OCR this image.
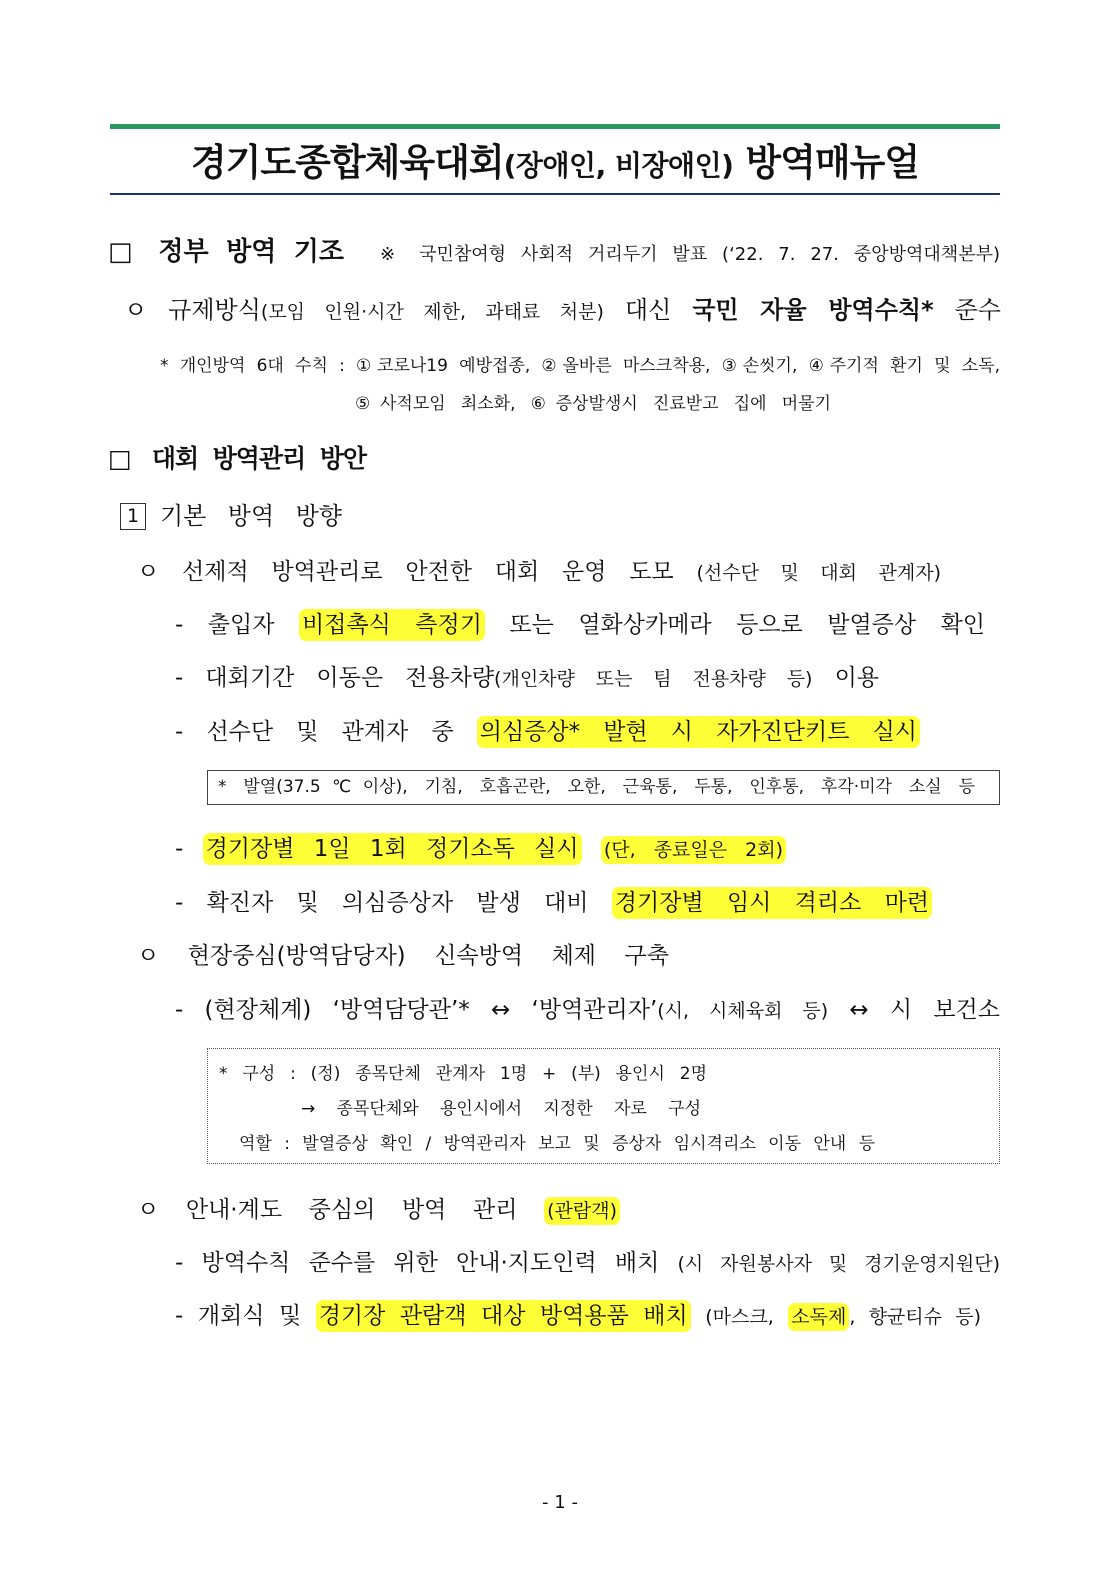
경기도종합체육대회(장애인, 비장애인) 방역매뉴얼
□ 정부 방역 기조 ※ 국민참여형 사회적 거리두기 발표 (‘22. 7. 27. 중앙방역대책본부)
ㅇ 규제방식(모임 인원·시간 제한, 과태료 처분) 대신 국민 자율 방역수칙* 준수
* 개인방역 6대 수칙 : ①코로나19 예방접종, ②올바른 마스크착용, ③손씻기, ④주기적 환기 및 소독,
⑤사적모임 최소화, ⑥증상발생시 진료받고 집에 머물기
□ 대회 방역관리 방안
1 기본 방역 방향
ㅇ 선제적 방역관리로 안전한 대회 운영 도모 (선수단 및 대회 관계자)
- 출입자 비접촉식 측정기 또는 열화상카메라 등으로 발열증상 확인
- 대회기간 이동은 전용차량(개인차량 또는 팀 전용차량 등) 이용
- 선수단 및 관계자 중 의심증상* 발현 시 자가진단키트 실시
* 발열(37.5℃이상), 기침, 호흡곤란, 오한, 근육통, 두통, 인후통, 후각·미각 소실 등
- 경기장별 1일 1회 정기소독 실시 (단, 종료일은 2회)
- 확진자 및 의심증상자 발생 대비 경기장별 임시 격리소 마련
ㅇ 현장중심(방역담당자) 신속방역 체제 구축
- (현장체계) ‘방역담당관’* ↔ ‘방역관리자’(시, 시체육회 등) ↔ 시 보건소
* 구성 : (정) 종목단체 관계자 1명 + (부) 용인시 2명
→ 종목단체와 용인시에서 지정한 자로 구성
역할 : 발열증상 확인 / 방역관리자 보고 및 증상자 임시격리소 이동 안내 등
ㅇ 안내·계도 중심의 방역 관리 (관람객)
- 방역수칙 준수를 위한 안내·지도인력 배치 (시 자원봉사자 및 경기운영지원단)
- 개회식 및 경기장 관람객 대상 방역용품 배치 (마스크, 소독제 , 향균티슈 등)
- 1 -
